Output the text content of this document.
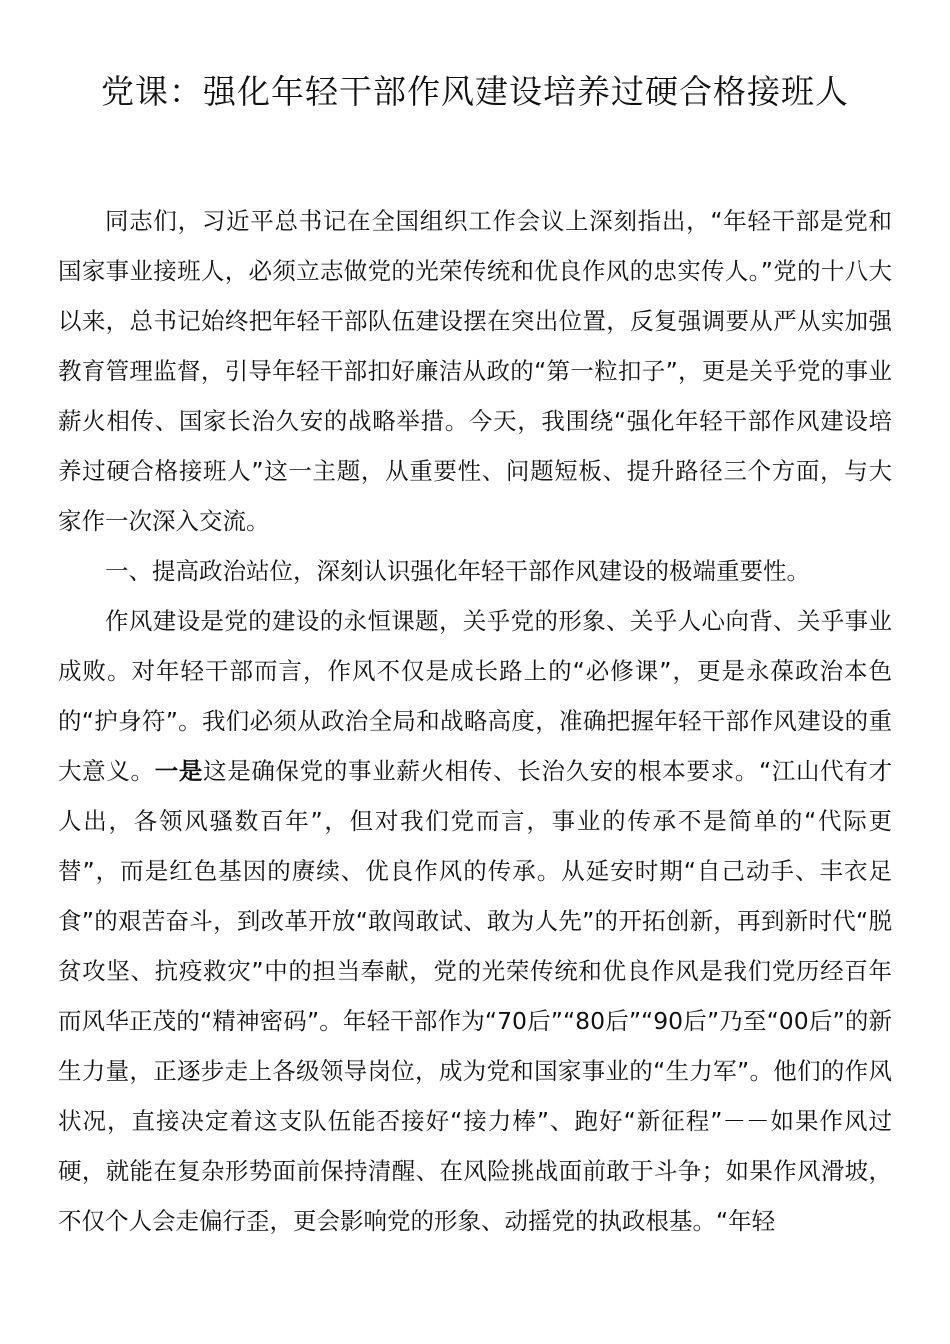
党课：强化年轻干部作风建设培养过硬合格接班人

同志们，习近平总书记在全国组织工作会议上深刻指出，“年轻干部是党和国家事业接班人，必须立志做党的光荣传统和优良作风的忠实传人。”党的十八大以来，总书记始终把年轻干部队伍建设摆在突出位置，反复强调要从严从实加强教育管理监督，引导年轻干部扣好廉洁从政的“第一粒扣子”，更是关乎党的事业薪火相传、国家长治久安的战略举措。今天，我围绕“强化年轻干部作风建设培养过硬合格接班人”这一主题，从重要性、问题短板、提升路径三个方面，与大家作一次深入交流。

一、提高政治站位，深刻认识强化年轻干部作风建设的极端重要性。

作风建设是党的建设的永恒课题，关乎党的形象、关乎人心向背、关乎事业成败。对年轻干部而言，作风不仅是成长路上的“必修课”，更是永葆政治本色的“护身符”。我们必须从政治全局和战略高度，准确把握年轻干部作风建设的重大意义。一是这是确保党的事业薪火相传、长治久安的根本要求。“江山代有才人出，各领风骚数百年”，但对我们党而言，事业的传承不是简单的“代际更替”，而是红色基因的赓续、优良作风的传承。从延安时期“自己动手、丰衣足食”的艰苦奋斗，到改革开放“敢闯敢试、敢为人先”的开拓创新，再到新时代“脱贫攻坚、抗疫救灾”中的担当奉献，党的光荣传统和优良作风是我们党历经百年而风华正茂的“精神密码”。年轻干部作为“70后”“80后”“90后”乃至“00后”的新生力量，正逐步走上各级领导岗位，成为党和国家事业的“生力军”。他们的作风状况，直接决定着这支队伍能否接好“接力棒”、跑好“新征程”－－如果作风过硬，就能在复杂形势面前保持清醒、在风险挑战面前敢于斗争；如果作风滑坡，不仅个人会走偏行歪，更会影响党的形象、动摇党的执政根基。“年轻
